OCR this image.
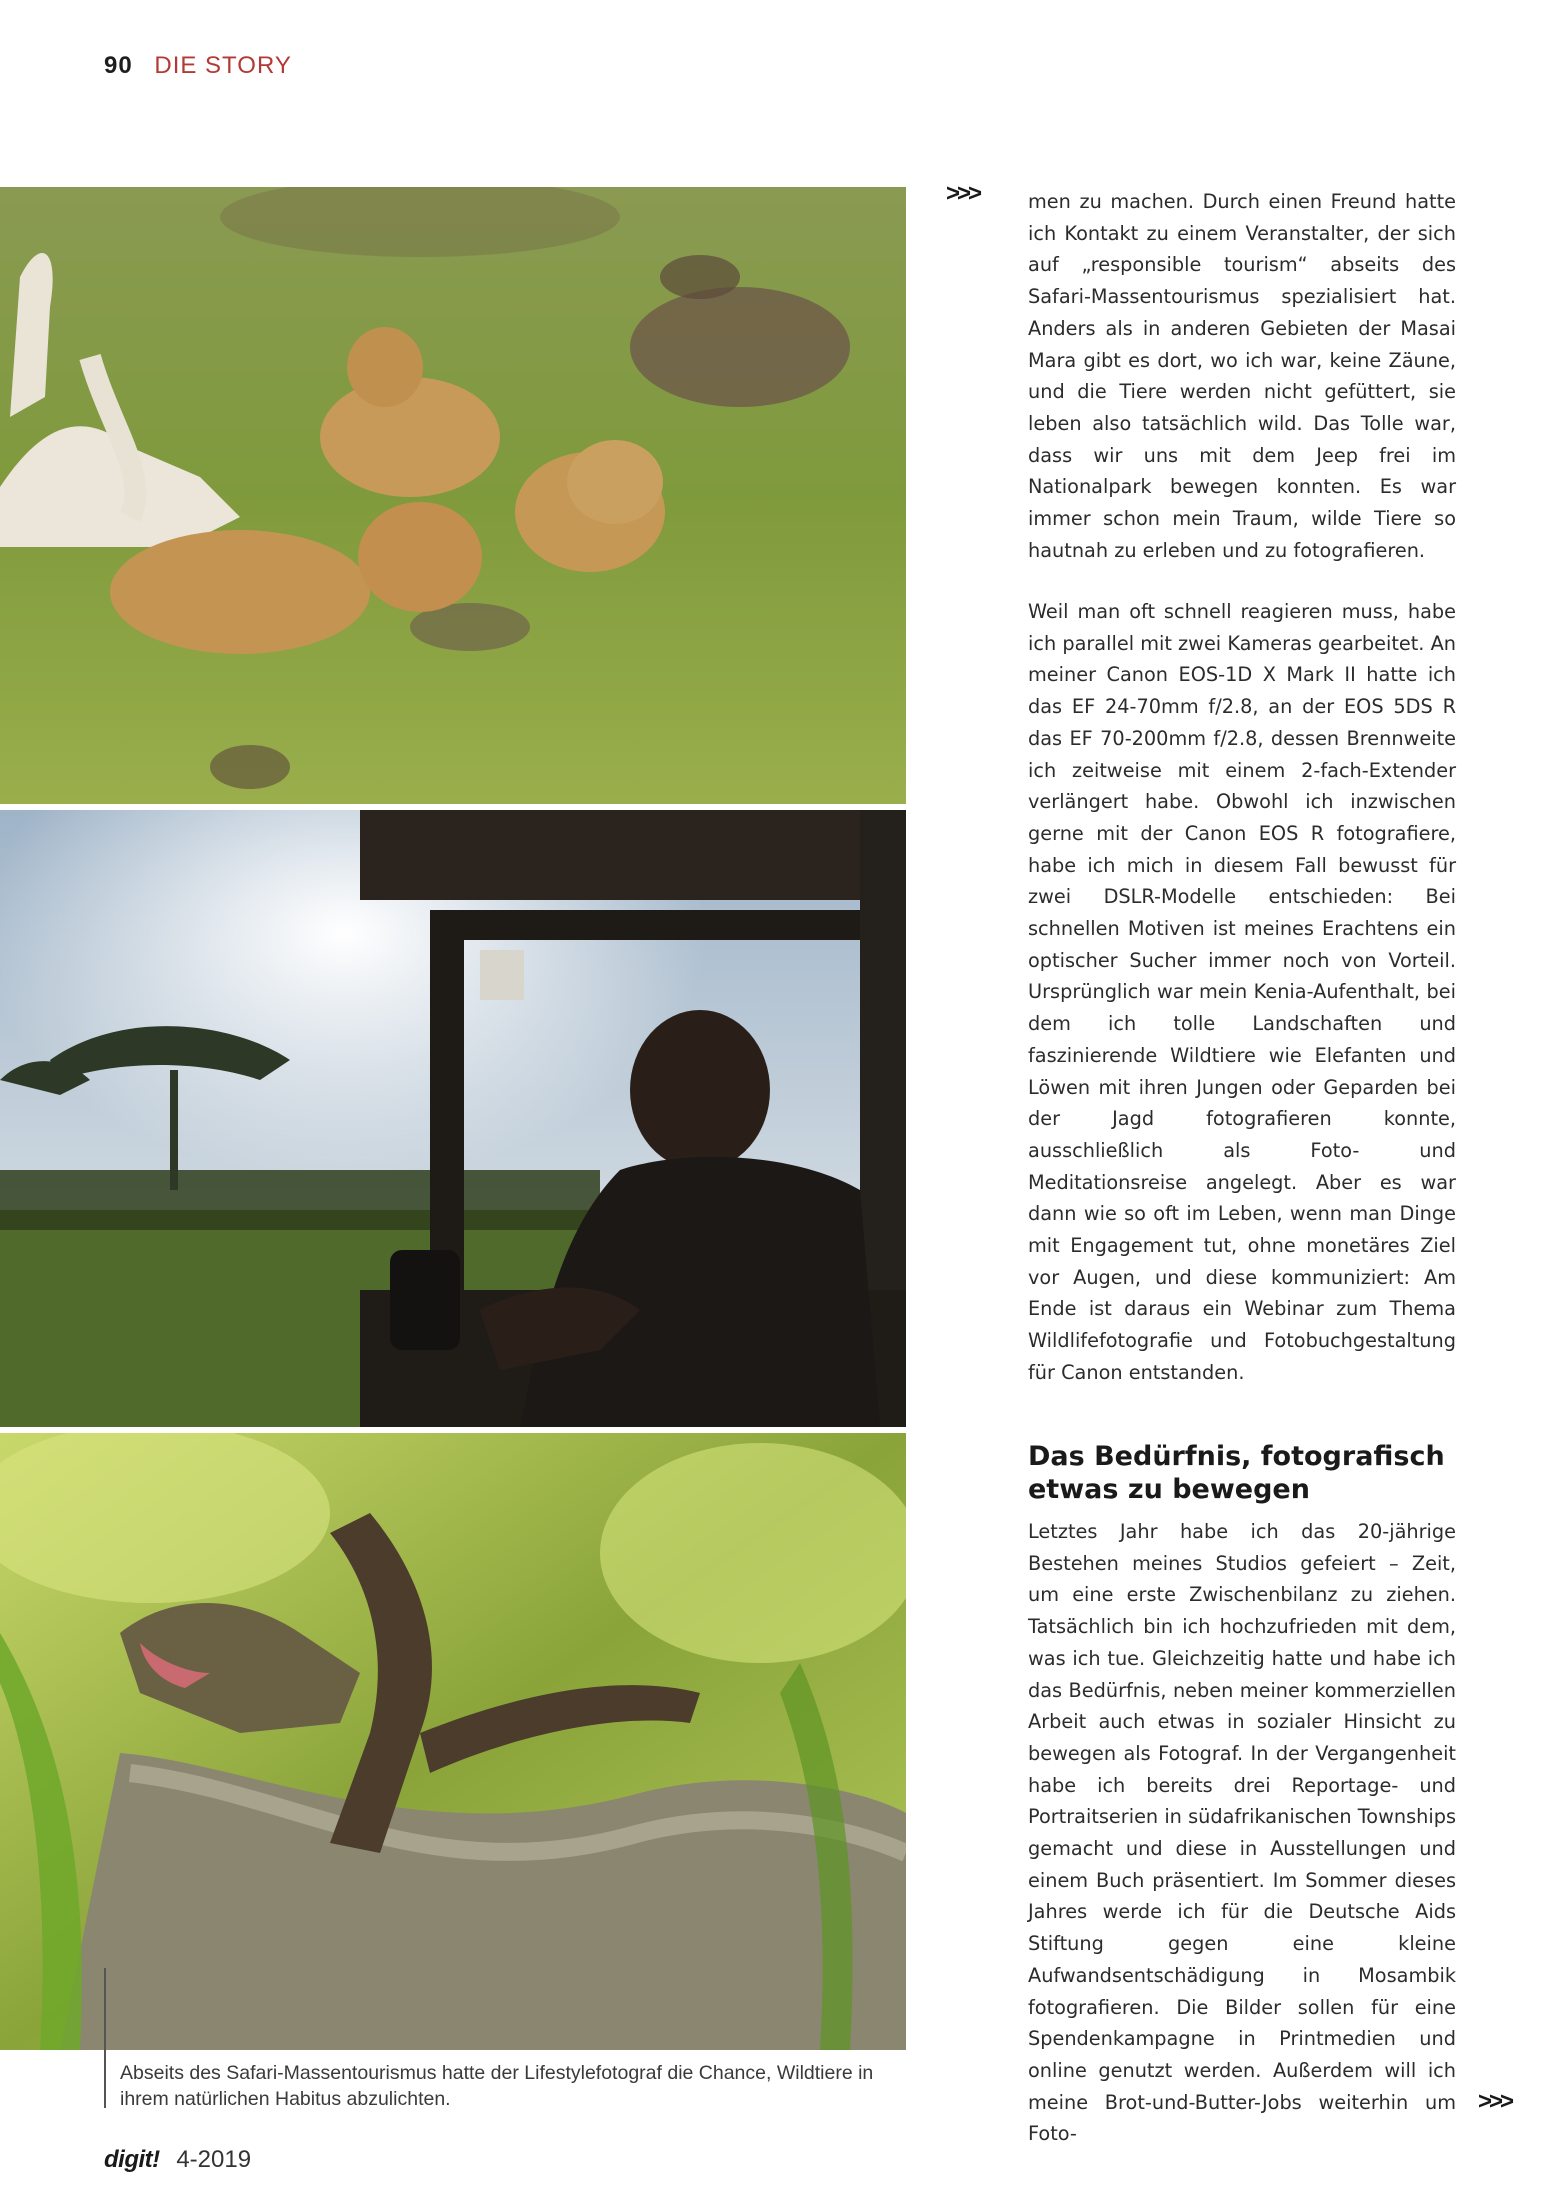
90 DIE STORY
Abseits des Safari-Massentourismus hatte der Lifestylefotograf die Chance, Wildtiere in ihrem natürlichen Habitus abzulichten.
>>>	men zu machen. Durch einen Freund hatte ich Kontakt zu einem Veranstalter, der sich auf „responsible tourism“ abseits des Safari-Massentourismus spezialisiert hat. Anders als in anderen Gebieten der Masai Mara gibt es dort, wo ich war, keine Zäune, und die Tiere werden nicht gefüttert, sie leben also tatsächlich wild. Das Tolle war, dass wir uns mit dem Jeep frei im Nationalpark bewegen konnten. Es war immer schon mein Traum, wilde Tiere so hautnah zu erleben und zu fotografieren.

Weil man oft schnell reagieren muss, habe ich parallel mit zwei Kameras gearbeitet. An meiner Canon EOS-1D X Mark II hatte ich das EF 24-70mm f/2.8, an der EOS 5DS R das EF 70-200mm f/2.8, dessen Brennweite ich zeitweise mit einem 2-fach-Extender verlängert habe. Obwohl ich inzwischen gerne mit der Canon EOS R fotografiere, habe ich mich in diesem Fall bewusst für zwei DSLR-Modelle entschieden: Bei schnellen Motiven ist meines Erachtens ein optischer Sucher immer noch von Vorteil. Ursprünglich war mein Kenia-Aufenthalt, bei dem ich tolle Landschaften und faszinierende Wildtiere wie Elefanten und Löwen mit ihren Jungen oder Geparden bei der Jagd fotografieren konnte, ausschließlich als Foto- und Meditationsreise angelegt. Aber es war dann wie so oft im Leben, wenn man Dinge mit Engagement tut, ohne monetäres Ziel vor Augen, und diese kommuniziert: Am Ende ist daraus ein Webinar zum Thema Wildlifefotografie und Fotobuchgestaltung für Canon entstanden.

Das Bedürfnis, fotografisch etwas zu bewegen

Letztes Jahr habe ich das 20-jährige Bestehen meines Studios gefeiert – Zeit, um eine erste Zwischenbilanz zu ziehen. Tatsächlich bin ich hochzufrieden mit dem, was ich tue. Gleichzeitig hatte und habe ich das Bedürfnis, neben meiner kommerziellen Arbeit auch etwas in sozialer Hinsicht zu bewegen als Fotograf. In der Vergangenheit habe ich bereits drei Reportage- und Portraitserien in südafrikanischen Townships gemacht und diese in Ausstellungen und einem Buch präsentiert. Im Sommer dieses Jahres werde ich für die Deutsche Aids Stiftung gegen eine kleine Aufwandsentschädigung in Mosambik fotografieren. Die Bilder sollen für eine Spendenkampagne in Printmedien und online genutzt werden. Außerdem will ich meine Brot-und-Butter-Jobs weiterhin um Foto-

>>>
digit! 4-2019
